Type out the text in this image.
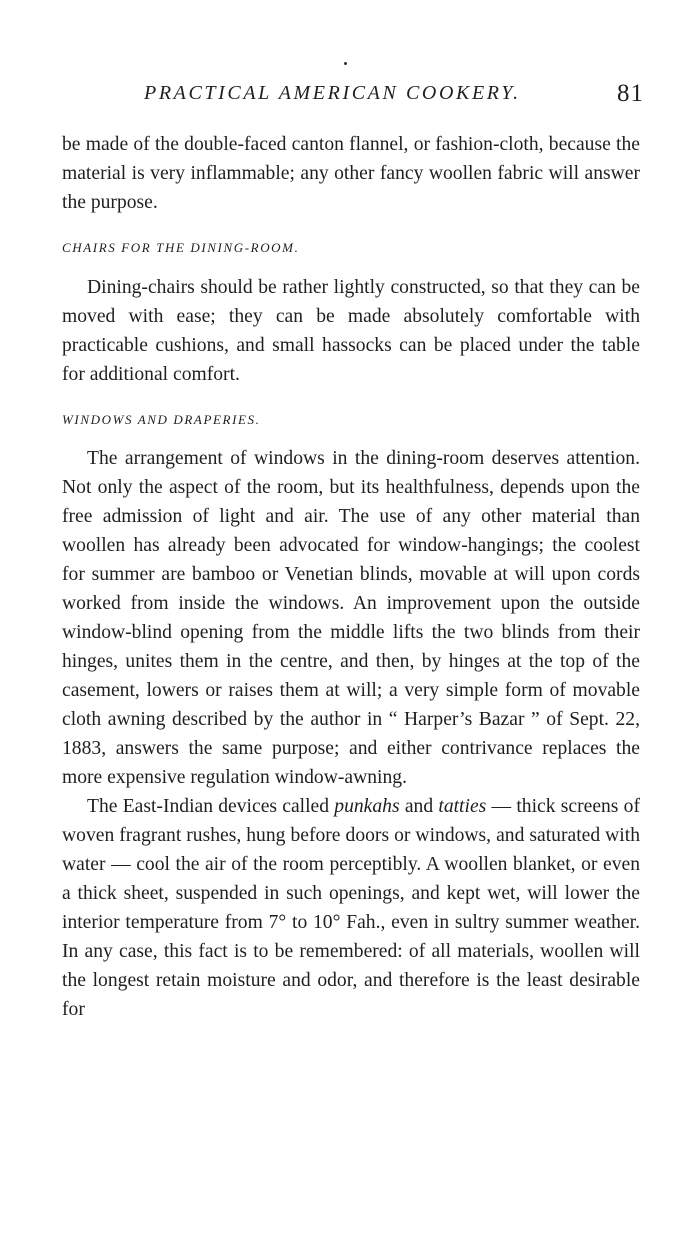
PRACTICAL AMERICAN COOKERY.	81

be made of the double-faced canton flannel, or fashion-cloth, because the material is very inflammable; any other fancy woollen fabric will answer the purpose.

CHAIRS FOR THE DINING-ROOM.

Dining-chairs should be rather lightly constructed, so that they can be moved with ease; they can be made absolutely comfortable with practicable cushions, and small hassocks can be placed under the table for additional comfort.

WINDOWS AND DRAPERIES.

The arrangement of windows in the dining-room deserves attention. Not only the aspect of the room, but its healthfulness, depends upon the free admission of light and air. The use of any other material than woollen has already been advocated for window-hangings; the coolest for summer are bamboo or Venetian blinds, movable at will upon cords worked from inside the windows. An improvement upon the outside window-blind opening from the middle lifts the two blinds from their hinges, unites them in the centre, and then, by hinges at the top of the casement, lowers or raises them at will; a very simple form of movable cloth awning described by the author in “ Harper’s Bazar ” of Sept. 22, 1883, answers the same purpose; and either contrivance replaces the more expensive regulation window-awning.

The East-Indian devices called punkahs and tatties — thick screens of woven fragrant rushes, hung before doors or windows, and saturated with water — cool the air of the room perceptibly. A woollen blanket, or even a thick sheet, suspended in such openings, and kept wet, will lower the interior temperature from 7° to 10° Fah., even in sultry summer weather. In any case, this fact is to be remembered: of all materials, woollen will the longest retain moisture and odor, and therefore is the least desirable for
